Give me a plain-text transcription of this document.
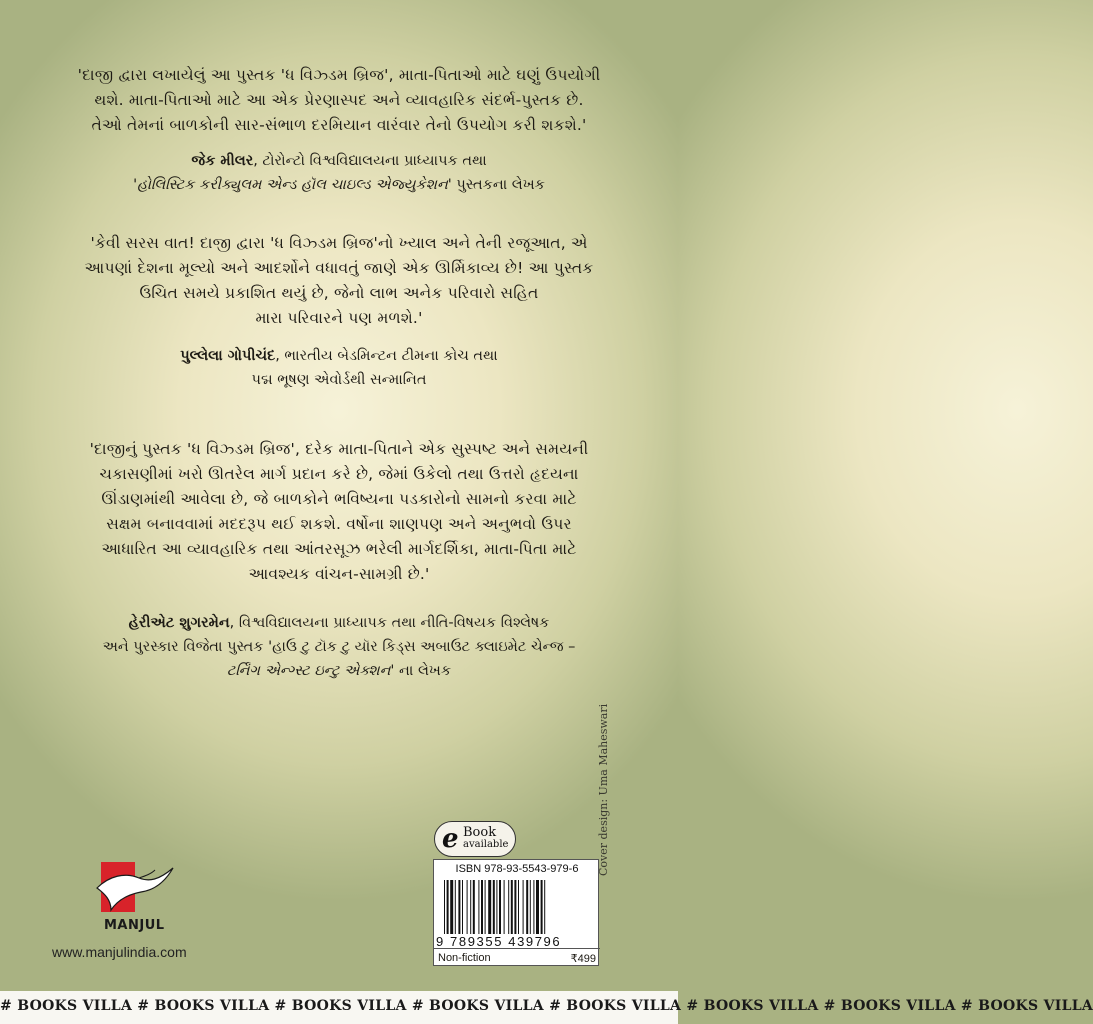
'દાજી દ્વારા લખાયેલું આ પુસ્તક 'ધ વિઝ્ડમ બ્રિજ', માતા-પિતાઓ માટે ઘણું ઉપયોગી

થશે. માતા-પિતાઓ માટે આ એક પ્રેરણાસ્પદ અને વ્યાવહારિક સંદર્ભ-પુસ્તક છે.

તેઓ તેમનાં બાળકોની સાર-સંભાળ દરમિયાન વારંવાર તેનો ઉપયોગ કરી શકશે.'

જેક મીલર, ટોરોન્ટો વિશ્વવિદ્યાલયના પ્રાધ્યાપક તથા

'હોલિસ્ટિક કરીક્યુલમ એન્ડ હૉલ ચાઇલ્ડ એજ્યુકેશન' પુસ્તકના લેખક

'કેવી સરસ વાત! દાજી દ્વારા 'ધ વિઝ્ડમ બ્રિજ'નો ખ્યાલ અને તેની રજૂઆત, એ

આપણાં દેશના મૂલ્યો અને આદર્શોને વધાવતું જાણે એક ઊર્મિકાવ્ય છે! આ પુસ્તક

ઉચિત સમયે પ્રકાશિત થયું છે, જેનો લાભ અનેક પરિવારો સહિત

મારા પરિવારને પણ મળશે.'

પુલ્લેલા ગોપીચંદ, ભારતીય બેડમિન્ટન ટીમના કોચ તથા

પદ્મ ભૂષણ એવોર્ડથી સન્માનિત

'દાજીનું પુસ્તક 'ધ વિઝ્ડમ બ્રિજ', દરેક માતા-પિતાને એક સુસ્પષ્ટ અને સમયની

ચકાસણીમાં ખરો ઊતરેલ માર્ગ પ્રદાન કરે છે, જેમાં ઉકેલો તથા ઉત્તરો હૃદયના

ઊંડાણમાંથી આવેલા છે, જે બાળકોને ભવિષ્યના પડકારોનો સામનો કરવા માટે

સક્ષમ બનાવવામાં મદદરૂપ થઈ શકશે. વર્ષોના શાણપણ અને અનુભવો ઉપર

આધારિત આ વ્યાવહારિક તથા આંતરસૂઝ ભરેલી માર્ગદર્શિકા, માતા-પિતા માટે

આવશ્યક વાંચન-સામગ્રી છે.'

હેરીએટ શુગરમેન, વિશ્વવિદ્યાલયના પ્રાધ્યાપક તથા નીતિ-વિષયક વિશ્લેષક

અને પુરસ્કાર વિજેતા પુસ્તક 'હાઉ ટુ ટૉક ટુ યૉર કિડ્સ અબાઉટ ક્લાઇમેટ ચેન્જ –

ટર્નિંગ એન્ગ્સ્ટ ઇન્ટુ એક્શન' ના લેખક

MANJUL
www.manjulindia.com
e Book
available
ISBN 978-93-5543-979-6
9 789355 439796
Non-fiction	₹499
Cover design: Uma Maheswari
# BOOKS VILLA # BOOKS VILLA # BOOKS VILLA # BOOKS VILLA # BOOKS VILLA # BOOKS VILLA # BOOKS VILLA # BOOKS VILLA
